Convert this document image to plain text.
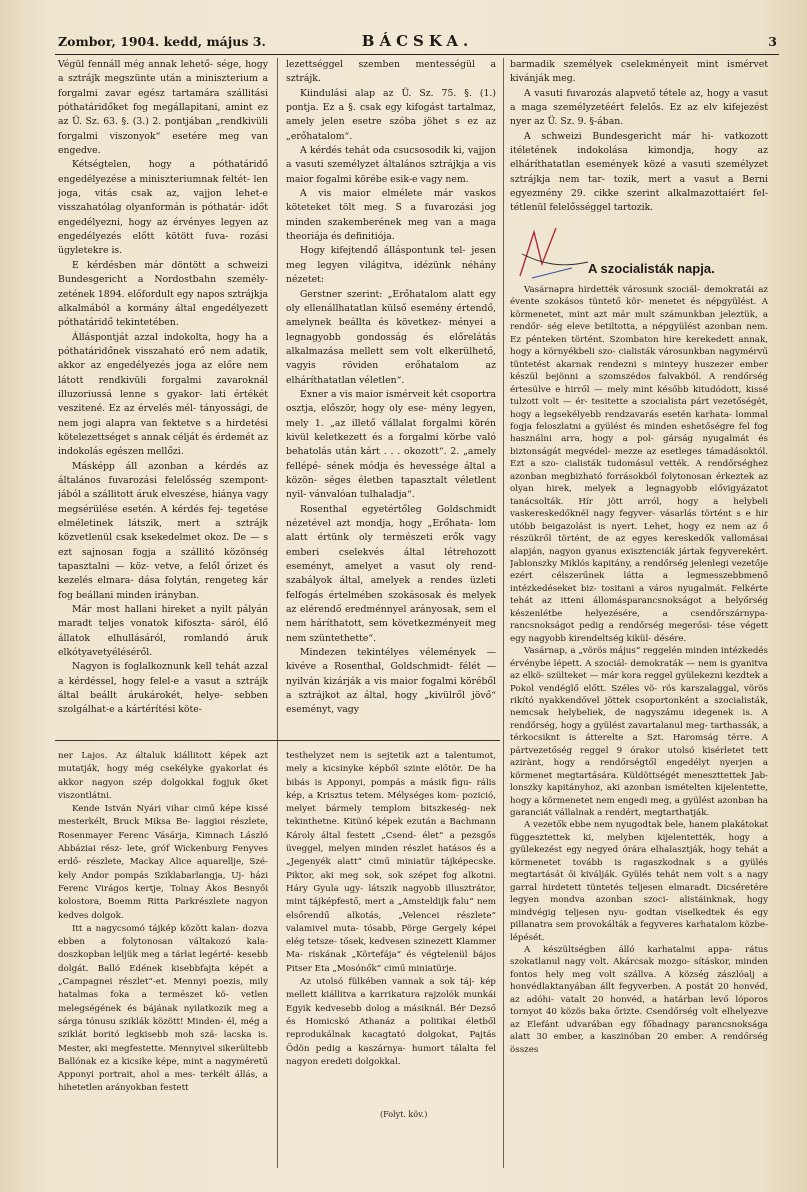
Zombor, 1904. kedd, május 3.	BÁCSKA.	3

Végül fennáll még annak lehető- sége, hogy a sztrájk megszünte után a miniszterium a forgalmi zavar egész tartamára szállitási póthatáridőket fog megállapitani, amint ez az Ü. Sz. 63. §. (3.) 2. pontjában „rendkivüli forgalmi viszonyok“ esetére meg van engedve.

Kétségtelen, hogy a póthatáridő engedélyezése a miniszteriumnak feltét- len joga, vitás csak az, vajjon lehet-e visszahatólag olyanformán is póthatár- időt engedélyezni, hogy az érvényes legyen az engedélyezés előtt kötött fuva- rozási ügyletekre is.

E kérdésben már döntött a schweizi Bundesgericht a Nordostbahn személy- zetének 1894. előfordult egy napos sztrájkja alkalmából a kormány által engedélyezett póthatáridő tekintetében.

Álláspontját azzal indokolta, hogy ha a póthatáridőnek visszaható erő nem adatik, akkor az engedélyezés joga az előre nem látott rendkivüli forgalmi zavaroknál illuzoriussá lenne s gyakor- lati értékét veszitené. Ez az érvelés mél- tányossági, de nem jogi alapra van fektetve s a hirdetési kötelezettséget s annak célját és érdemét az indokolás egészen mellőzi.

Másképp áll azonban a kérdés az általános fuvarozási felelősség szempont- jából a szállitott áruk elveszése, hiánya vagy megsérülése esetén. A kérdés fej- tegetése elméletinek látszik, mert a sztrájk közvetlenül csak ksekedelmet okoz. De — s ezt sajnosan fogja a szállitó közönség tapasztalni — köz- vetve, a felől őrizet és kezelés elmara- dása folytán, rengeteg kár fog beállani minden irányban.

Már most hallani hireket a nyilt pályán maradt teljes vonatok kifoszta- sáról, élő állatok elhullásáról, romlandó áruk elkótyavetyéléséről.

Nagyon is foglalkoznunk kell tehát azzal a kérdéssel, hogy felel-e a vasut a sztrájk által beállt árukárokét, helye- sebben szolgálhat-e a kártérítési köte-

lezettséggel szemben mentességül a sztrájk.

Kiindulási alap az Ü. Sz. 75. §. (1.) pontja. Ez a §. csak egy kifogást tartalmaz, amely jelen esetre szóba jöhet s ez az „erőhatalom“.

A kérdés tehát oda csucsosodik ki, vajjon a vasuti személyzet általános sztrájkja a vis maior fogalmi körébe esik-e vagy nem.

A vis maior elmélete már vaskos köteteket tölt meg. S a fuvarozási jog minden szakemberének meg van a maga theoriája és definitiója.

Hogy kifejtendő álláspontunk tel- jesen meg legyen világitva, idézünk néhány nézetet:

Gerstner szerint: „Erőhatalom alatt egy oly ellenállhatatlan külső esemény értendő, amelynek beállta és következ- ményei a legnagyobb gondosság és előrelátás alkalmazása mellett sem volt elkerülhető, vagyis röviden erőhatalom az elháríthatatlan véletlen“.

Exner a vis maior ismérveit két csoportra osztja, először, hogy oly ese- mény legyen, mely 1. „az illető vállalat forgalmi körén kivül keletkezett és a forgalmi körbe való behatolás után kárt . . . okozott“. 2. „amely fellépé- sének módja és hevessége által a közön- séges életben tapasztalt véletlent nyil- vánvalóan tulhaladja“.

Rosenthal egyetértőleg Goldschmidt nézetével azt mondja, hogy „Erőhata- lom alatt értünk oly természeti erők vagy emberi cselekvés által létrehozott eseményt, amelyet a vasut oly rend- szabályok által, amelyek a rendes üzleti felfogás értelmében szokásosak és melyek az elérendő eredménnyel arányosak, sem el nem háríthatott, sem következményeit meg nem szüntethette“.

Mindezen tekintélyes vélemények — kivéve a Rosenthal, Goldschmidt- félét — nyilván kizárják a vis maior fogalmi köréből a sztrájkot az által, hogy „kivülről jövő“ eseményt, vagy

barmadik személyek cselekményeit mint ismérvet kivánják meg.

A vasuti fuvarozás alapvető tétele az, hogy a vasut a maga személyzetéért felelős. Ez az elv kifejezést nyer az Ü. Sz. 9. §-ában.

A schweizi Bundesgericht már hi- vatkozott itéletének indokolása kimondja, hogy az elháríthatatlan események közé a vasuti személyzet sztrájkja nem tar- tozik, mert a vasut a Berni egyezmény 29. cikke szerint alkalmazottaiért fel- tétlenül felelősséggel tartozik.

A szocialisták napja.

Vasárnapra hirdették városunk szociál- demokratái az évente szokásos tüntető kör- menetet és népgyülést. A körmenetet, mint azt már mult számunkban jeleztük, a rendőr- ség eleve betiltotta, a népgyülést azonban nem. Ez pénteken történt. Szombaton hire kerekedett annak, hogy a környékbeli szo- cialisták városunkban nagymérvű tüntetést akarnak rendezni s minteyy huszezer ember készül bejönni a szomszédos falvakból. A rendőrség értesülve e hirről — mely mint később kitudódott, kissé tulzott volt — ér- tesitette a szocialista párt vezetőségét, hogy a legsekélyebb rendzavarás esetén karhata- lommal fogja feloszlatni a gyülést és minden eshetőségre fel fog használni arra, hogy a pol- gárság nyugalmát és biztonságát megvédel- mezze az esetleges támadásoktól. Ezt a szo- cialisták tudomásul vették. A rendőrséghez azonban megbizható forrásokból folytonosan érkeztek az olyan hirek, melyek a legnagyobb elővigyázatot tanácsolták. Hír jött arról, hogy a helybeli vaskereskedőknél nagy fegyver- vásarlás történt s e hir utóbb beigazolást is nyert. Lehet, hogy ez nem az ő részükről történt, de az egyes kereskedők vallomásai alapján, nagyon gyanus exisztenciák jártak fegyverekért. Jablonszky Miklós kapitány, a rendőrség jelenlegi vezetője ezért célszerűnek látta a legmesszebbmenő intézkedéseket biz- tositani a város nyugalmát. Felkérte tehát az itteni állomásparancsnokságot a helyőrség készenlétbe helyezésére, a csendőrszárnypa- rancsnokságot pedig a rendőrség megerősi- tése végett egy nagyobb kirendeltség kikül- désére.

Vasárnap, a „vörös május“ reggelén minden intézkedés érvénybe lépett. A szociál- demokraták — nem is gyanitva az elkö- szülteket — már kora reggel gyülekezni kezdtek a Pokol vendéglő előtt. Széles vö- rös karszalaggal, vörös rikító nyakkendővel jöttek csoportonként a szocialisták, nemcsak helybeliek, de nagyszámu idegenek is. A rendőrség, hogy a gyülést zavartalanul meg- tarthassák, a térkocsiknt is átterelte a Szt. Haromság térre. A pártvezetőség reggel 9 órakor utolsó kisérletet tett azirànt, hogy a rendőrségtől engedélyt nyerjen a körmenet megtartására. Küldöttségét meneszttettek Jab- lonszky kapitányhoz, aki azonban ismételten kijelentette, hogy a körmenetet nem engedi meg, a gyülést azonban ha garanciát vállalnak a rendért, megtarthatják.

A vezetők ebbe nem nyugodtak bele, hanem plakátokat függesztettek ki, melyben kijelentették, hogy a gyülekezést egy negyed órára elhalasztják, hogy tehát a körmenetet tovább is ragaszkodnak s a gyülés megtartását ői kiválják. Gyülés tehát nem volt s a nagy garral hirdetett tüntetés teljesen elmaradt. Dicséretére legyen mondva azonban szoci- alistáinknak, hogy mindvégig teljesen nyu- godtan viselkedtek és egy pillanatra sem provokálták a fegyveres karhatalom közbe- lépését.

A készültségben álló karhatalmi appa- rátus szokatlanul nagy volt. Akárcsak mozgo- sításkor, minden fontos hely meg volt szállva. A község zászlóalj a honvédlaktanyában állt fegyverben. A postát 20 honvéd, az adóhi- vatalt 20 honvéd, a határban levő lóporos tornyot 40 közös baka őrizte. Csendőrség volt elhelyezve az Elefánt udvarában egy főhadnagy parancsnoksága alatt 30 ember, a kaszinóban 20 ember. A rendőrség összes

ner Lajos. Az általuk kiállitott képek azt mutatják, hogy még csekélyke gyakorlat és akkor nagyon szép dolgokkal fogjuk őket viszontlátni.

Kende István Nyári vihar cimű képe kissé mesterkélt, Bruck Miksa Be- laggioi részlete, Rosenmayer Ferenc Vásárja, Kimnach László Abbáziai rész- lete, gróf Wickenburg Fenyves erdő- részlete, Mackay Alice aquarellje, Szé- kely Andor pompás Sziklabarlangja, Uj- házi Ferenc Virágos kertje, Tolnay Ákos Besnyői kolostora, Boemm Ritta Parkrészlete nagyon kedves dolgok.

Itt a nagycsomó tájkép között kalan- dozva ebben a folytonosan váltakozó kala- doszkopban leljük meg a tárlat legérté- kesebb dolgát. Balló Edének kisebbfajta képét a „Campagnei részlet“-et. Mennyi poezis, mily hatalmas foka a természet kö- vetlen melegségének és bájának nyilatkozik meg a sárga tónusu sziklák között! Minden- él, még a sziklát boritó legkisebb moh szá- lacska is. Mester, aki megfestette. Mennyivel sikerültebb Ballónak ez a kicsike képe, mint a nagyméretű Apponyi portrait, ahol a mes- terkélt állás, a hihetetlen arányokban festett

testhelyzet nem is sejtetik azt a talentumot, mely a kicsinyke képből szinte előtör. De ha bibás is Apponyi, pompás a másik figu- rális kép, a Krisztus tetem. Mélységes kom- pozició, melyet bármely templom bitszkeség- nek tekinthetne. Kitünő képek ezután a Bachmann Károly által festett „Csend- élet“ a pezsgős üveggel, melyen minden részlet hatásos és a „Jegenyék alatt“ cimű miniatür tájképecske. Piktor, aki meg sok, sok szépet fog alkotni. Háry Gyula ugy- látszik nagyobb illusztrátor, mint tájképfestő, mert a „Amsteldijk falu“ nem elsőrendű alkotás, „Velencei részlete“ valamivel muta- tósabb, Pörge Gergely képei elég tetsze- tősek, kedvesen szinezett Klammer Ma- riskának „Körtefája“ és végtelenül bájos Pitser Eta „Mosónők“ cimű miniatürje.

Az utolsó fülkében vannak a sok táj- kép mellett kiállitva a karrikatura rajzolók munkái Egyik kedvesebb dolog a másiknál. Bér Dezső és Homicskó Athanáz a politikai életből reprodukálnak kacagtató dolgokat, Pajtás Ödön pedig a kaszárnya- humort tálalta fel nagyon eredeti dolgokkal.

(Folyt. köv.)
